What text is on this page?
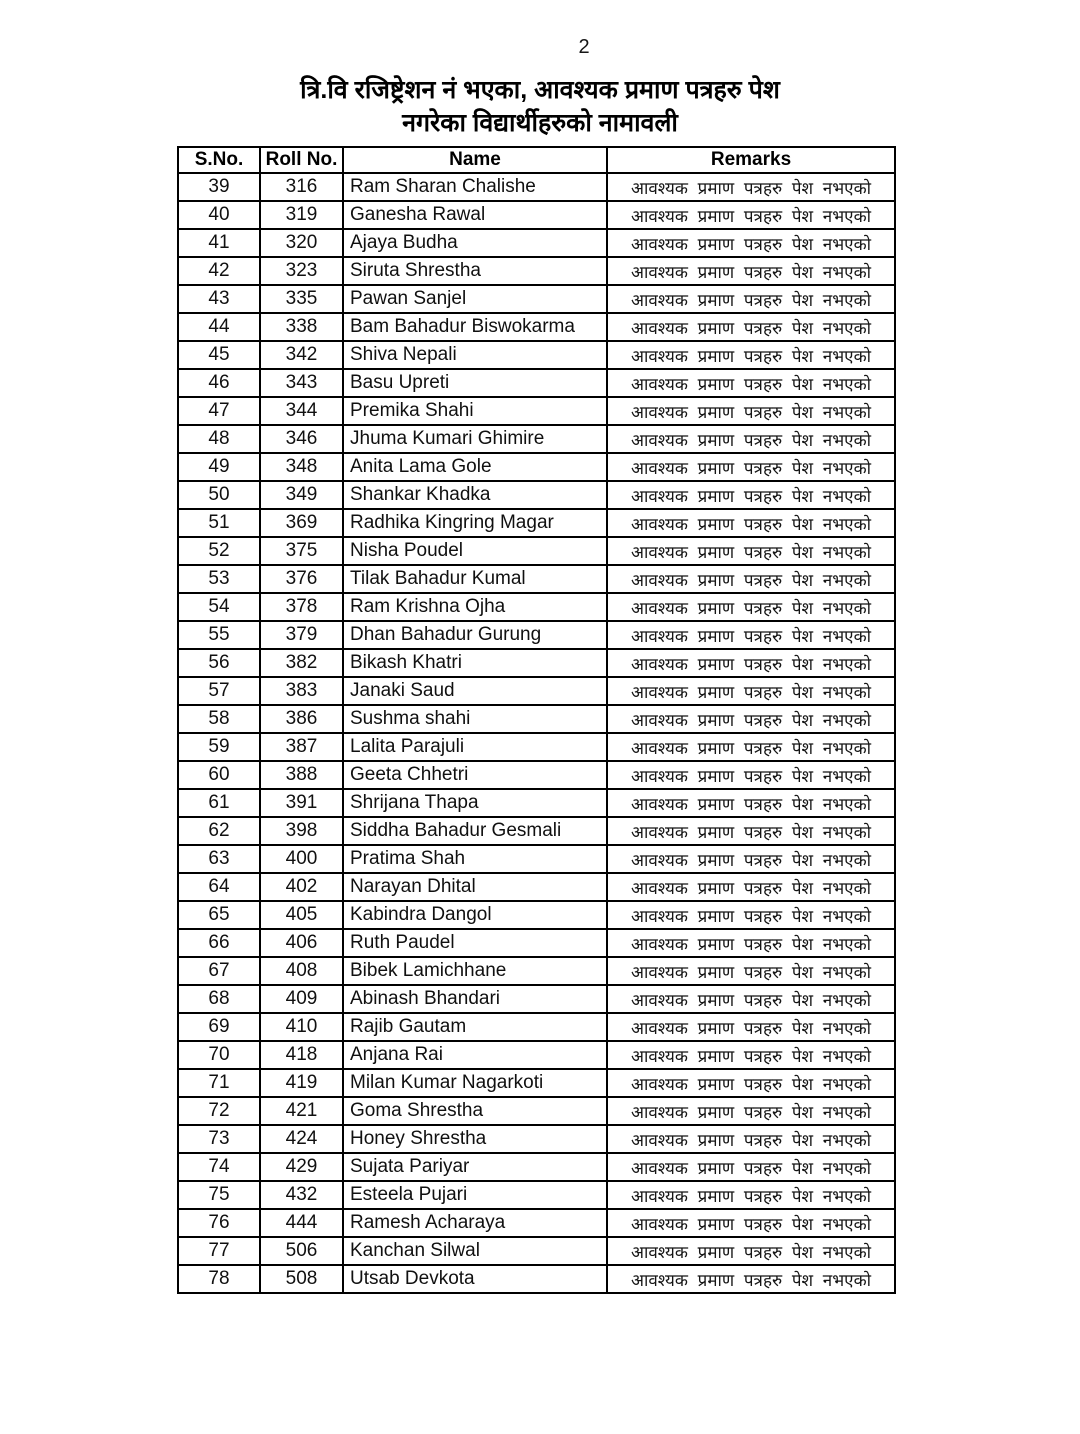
2
त्रि.वि रजिष्ट्रेशन नं भएका, आवश्यक प्रमाण पत्रहरु पेश
नगरेका विद्यार्थीहरुको नामावली
S.No.	Roll No.	Name	Remarks
39	316	Ram Sharan Chalishe	आवश्यक प्रमाण पत्रहरु पेश नभएको
40	319	Ganesha Rawal	आवश्यक प्रमाण पत्रहरु पेश नभएको
41	320	Ajaya Budha	आवश्यक प्रमाण पत्रहरु पेश नभएको
42	323	Siruta Shrestha	आवश्यक प्रमाण पत्रहरु पेश नभएको
43	335	Pawan Sanjel	आवश्यक प्रमाण पत्रहरु पेश नभएको
44	338	Bam Bahadur Biswokarma	आवश्यक प्रमाण पत्रहरु पेश नभएको
45	342	Shiva Nepali	आवश्यक प्रमाण पत्रहरु पेश नभएको
46	343	Basu Upreti	आवश्यक प्रमाण पत्रहरु पेश नभएको
47	344	Premika Shahi	आवश्यक प्रमाण पत्रहरु पेश नभएको
48	346	Jhuma Kumari Ghimire	आवश्यक प्रमाण पत्रहरु पेश नभएको
49	348	Anita Lama Gole	आवश्यक प्रमाण पत्रहरु पेश नभएको
50	349	Shankar Khadka	आवश्यक प्रमाण पत्रहरु पेश नभएको
51	369	Radhika Kingring Magar	आवश्यक प्रमाण पत्रहरु पेश नभएको
52	375	Nisha Poudel	आवश्यक प्रमाण पत्रहरु पेश नभएको
53	376	Tilak Bahadur Kumal	आवश्यक प्रमाण पत्रहरु पेश नभएको
54	378	Ram Krishna Ojha	आवश्यक प्रमाण पत्रहरु पेश नभएको
55	379	Dhan Bahadur Gurung	आवश्यक प्रमाण पत्रहरु पेश नभएको
56	382	Bikash Khatri	आवश्यक प्रमाण पत्रहरु पेश नभएको
57	383	Janaki Saud	आवश्यक प्रमाण पत्रहरु पेश नभएको
58	386	Sushma shahi	आवश्यक प्रमाण पत्रहरु पेश नभएको
59	387	Lalita Parajuli	आवश्यक प्रमाण पत्रहरु पेश नभएको
60	388	Geeta Chhetri	आवश्यक प्रमाण पत्रहरु पेश नभएको
61	391	Shrijana Thapa	आवश्यक प्रमाण पत्रहरु पेश नभएको
62	398	Siddha Bahadur Gesmali	आवश्यक प्रमाण पत्रहरु पेश नभएको
63	400	Pratima Shah	आवश्यक प्रमाण पत्रहरु पेश नभएको
64	402	Narayan Dhital	आवश्यक प्रमाण पत्रहरु पेश नभएको
65	405	Kabindra Dangol	आवश्यक प्रमाण पत्रहरु पेश नभएको
66	406	Ruth Paudel	आवश्यक प्रमाण पत्रहरु पेश नभएको
67	408	Bibek Lamichhane	आवश्यक प्रमाण पत्रहरु पेश नभएको
68	409	Abinash Bhandari	आवश्यक प्रमाण पत्रहरु पेश नभएको
69	410	Rajib Gautam	आवश्यक प्रमाण पत्रहरु पेश नभएको
70	418	Anjana Rai	आवश्यक प्रमाण पत्रहरु पेश नभएको
71	419	Milan Kumar Nagarkoti	आवश्यक प्रमाण पत्रहरु पेश नभएको
72	421	Goma Shrestha	आवश्यक प्रमाण पत्रहरु पेश नभएको
73	424	Honey Shrestha	आवश्यक प्रमाण पत्रहरु पेश नभएको
74	429	Sujata Pariyar	आवश्यक प्रमाण पत्रहरु पेश नभएको
75	432	Esteela Pujari	आवश्यक प्रमाण पत्रहरु पेश नभएको
76	444	Ramesh Acharaya	आवश्यक प्रमाण पत्रहरु पेश नभएको
77	506	Kanchan Silwal	आवश्यक प्रमाण पत्रहरु पेश नभएको
78	508	Utsab Devkota	आवश्यक प्रमाण पत्रहरु पेश नभएको
